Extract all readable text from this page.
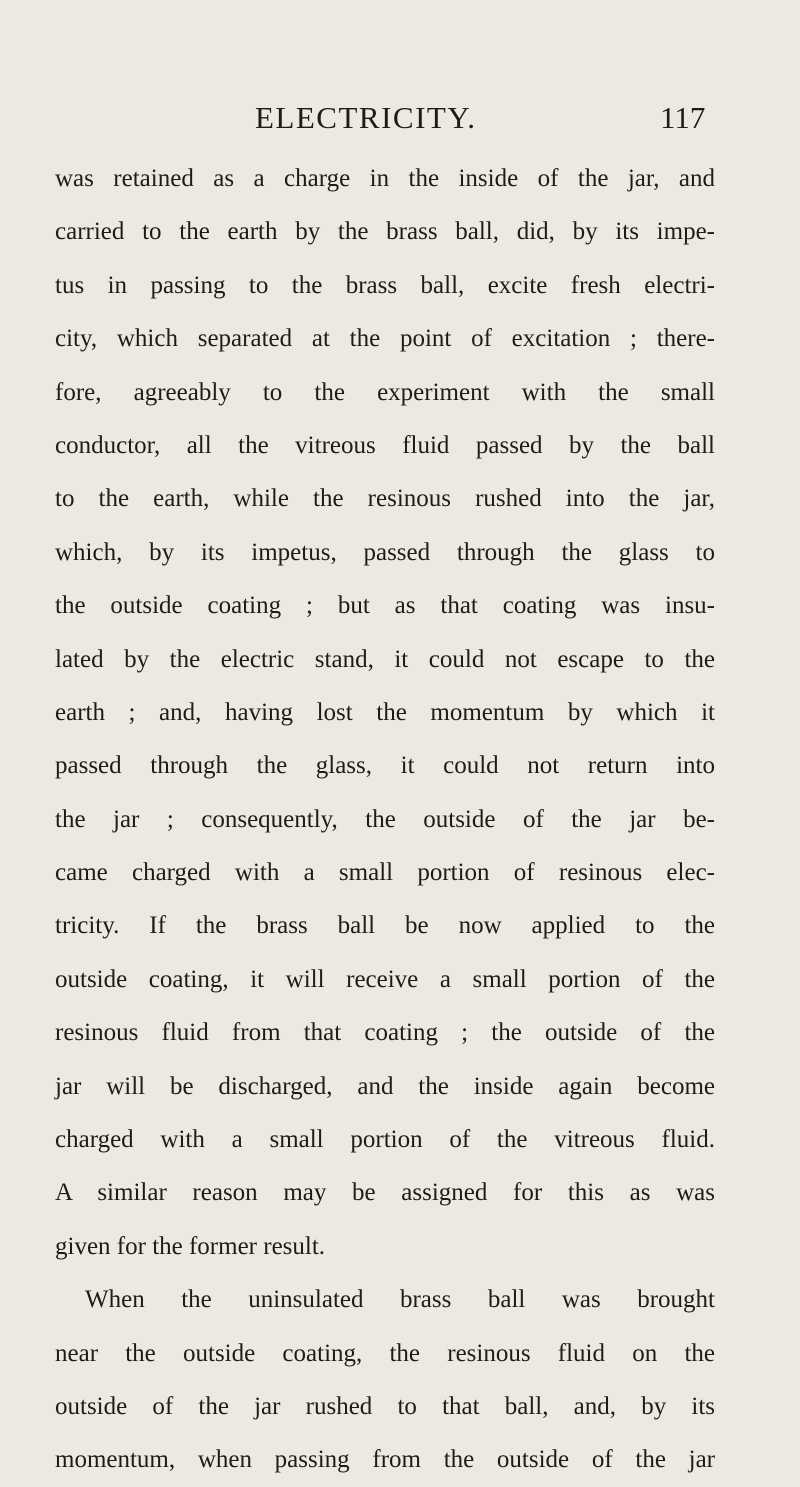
ELECTRICITY.	117
was retained as a charge in the inside of the jar, and
carried to the earth by the brass ball, did, by its impe-
tus in passing to the brass ball, excite fresh electri-
city, which separated at the point of excitation ; there-
fore, agreeably to the experiment with the small
conductor, all the vitreous fluid passed by the ball
to the earth, while the resinous rushed into the jar,
which, by its impetus, passed through the glass to
the outside coating ; but as that coating was insu-
lated by the electric stand, it could not escape to the
earth ; and, having lost the momentum by which it
passed through the glass, it could not return into
the jar ; consequently, the outside of the jar be-
came charged with a small portion of resinous elec-
tricity. If the brass ball be now applied to the
outside coating, it will receive a small portion of the
resinous fluid from that coating ; the outside of the
jar will be discharged, and the inside again become
charged with a small portion of the vitreous fluid.
A similar reason may be assigned for this as was
given for the former result.
When the uninsulated brass ball was brought
near the outside coating, the resinous fluid on the
outside of the jar rushed to that ball, and, by its
momentum, when passing from the outside of the jar
